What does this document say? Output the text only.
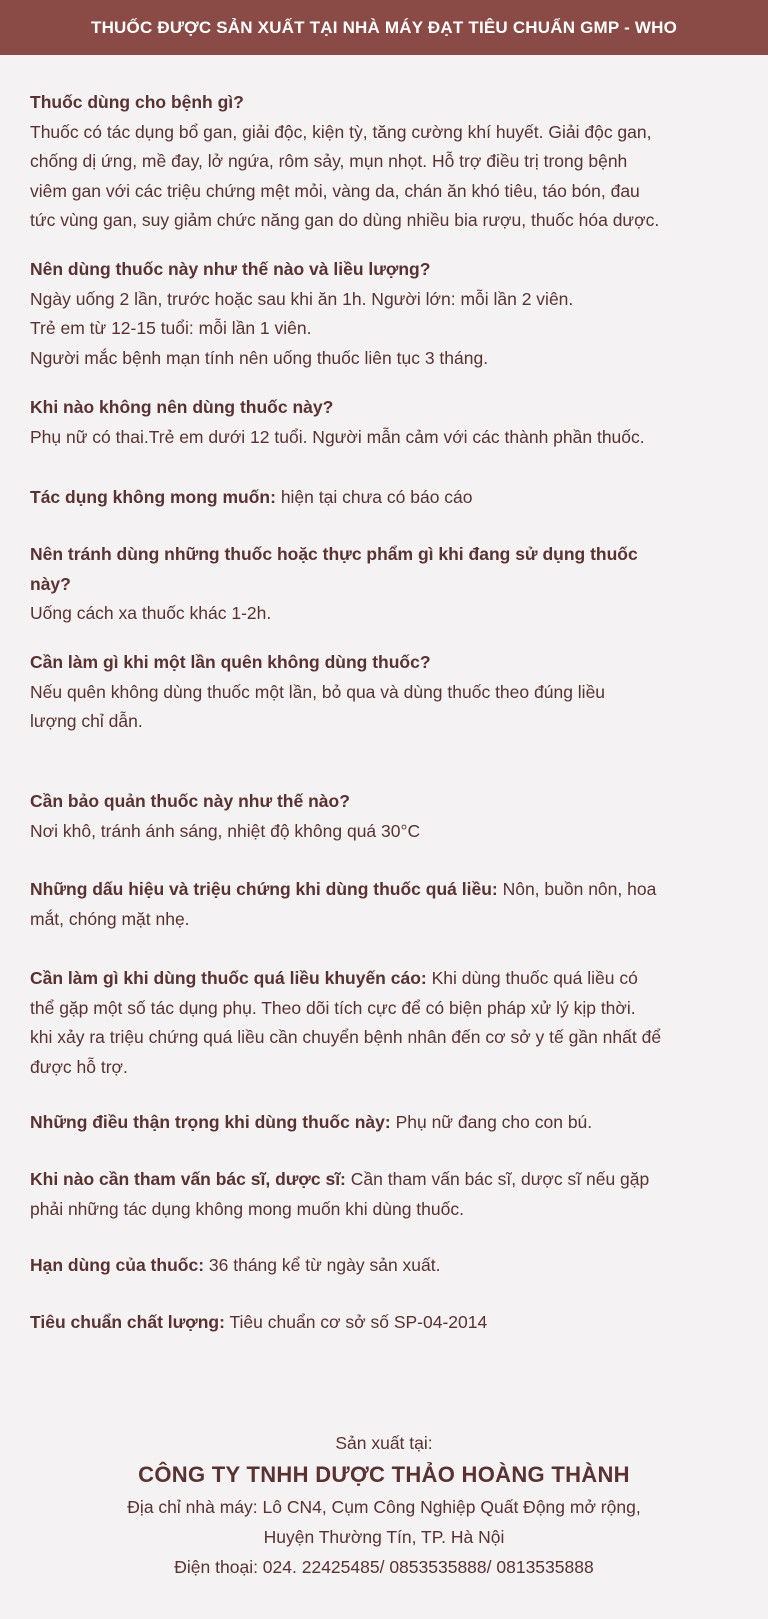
THUỐC ĐƯỢC SẢN XUẤT TẠI NHÀ MÁY ĐẠT TIÊU CHUẨN GMP - WHO
Thuốc dùng cho bệnh gì?
Thuốc có tác dụng bổ gan, giải độc, kiện tỳ, tăng cường khí huyết. Giải độc gan,
chống dị ứng, mề đay, lở ngứa, rôm sảy, mụn nhọt. Hỗ trợ điều trị trong bệnh
viêm gan với các triệu chứng mệt mỏi, vàng da, chán ăn khó tiêu, táo bón, đau
tức vùng gan, suy giảm chức năng gan do dùng nhiều bia rượu, thuốc hóa dược.
Nên dùng thuốc này như thế nào và liều lượng?
Ngày uống 2 lần, trước hoặc sau khi ăn 1h. Người lớn: mỗi lần 2 viên.
Trẻ em từ 12-15 tuổi: mỗi lần 1 viên.
Người mắc bệnh mạn tính nên uống thuốc liên tục 3 tháng.
Khi nào không nên dùng thuốc này?
Phụ nữ có thai.Trẻ em dưới 12 tuổi. Người mẫn cảm với các thành phần thuốc.
Tác dụng không mong muốn: hiện tại chưa có báo cáo
Nên tránh dùng những thuốc hoặc thực phẩm gì khi đang sử dụng thuốc
này?
Uống cách xa thuốc khác 1-2h.
Cần làm gì khi một lần quên không dùng thuốc?
Nếu quên không dùng thuốc một lần, bỏ qua và dùng thuốc theo đúng liều
lượng chỉ dẫn.
Cần bảo quản thuốc này như thế nào?
Nơi khô, tránh ánh sáng, nhiệt độ không quá 30°C
Những dấu hiệu và triệu chứng khi dùng thuốc quá liều: Nôn, buồn nôn, hoa
mắt, chóng mặt nhẹ.
Cần làm gì khi dùng thuốc quá liều khuyến cáo: Khi dùng thuốc quá liều có
thể gặp một số tác dụng phụ. Theo dõi tích cực để có biện pháp xử lý kịp thời.
khi xảy ra triệu chứng quá liều cần chuyển bệnh nhân đến cơ sở y tế gần nhất để
được hỗ trợ.
Những điều thận trọng khi dùng thuốc này: Phụ nữ đang cho con bú.
Khi nào cần tham vấn bác sĩ, dược sĩ: Cần tham vấn bác sĩ, dược sĩ nếu gặp
phải những tác dụng không mong muốn khi dùng thuốc.
Hạn dùng của thuốc: 36 tháng kể từ ngày sản xuất.
Tiêu chuẩn chất lượng: Tiêu chuẩn cơ sở số SP-04-2014
Sản xuất tại:
CÔNG TY TNHH DƯỢC THẢO HOÀNG THÀNH
Địa chỉ nhà máy: Lô CN4, Cụm Công Nghiệp Quất Động mở rộng,
Huyện Thường Tín, TP. Hà Nội
Điện thoại: 024. 22425485/ 0853535888/ 0813535888
